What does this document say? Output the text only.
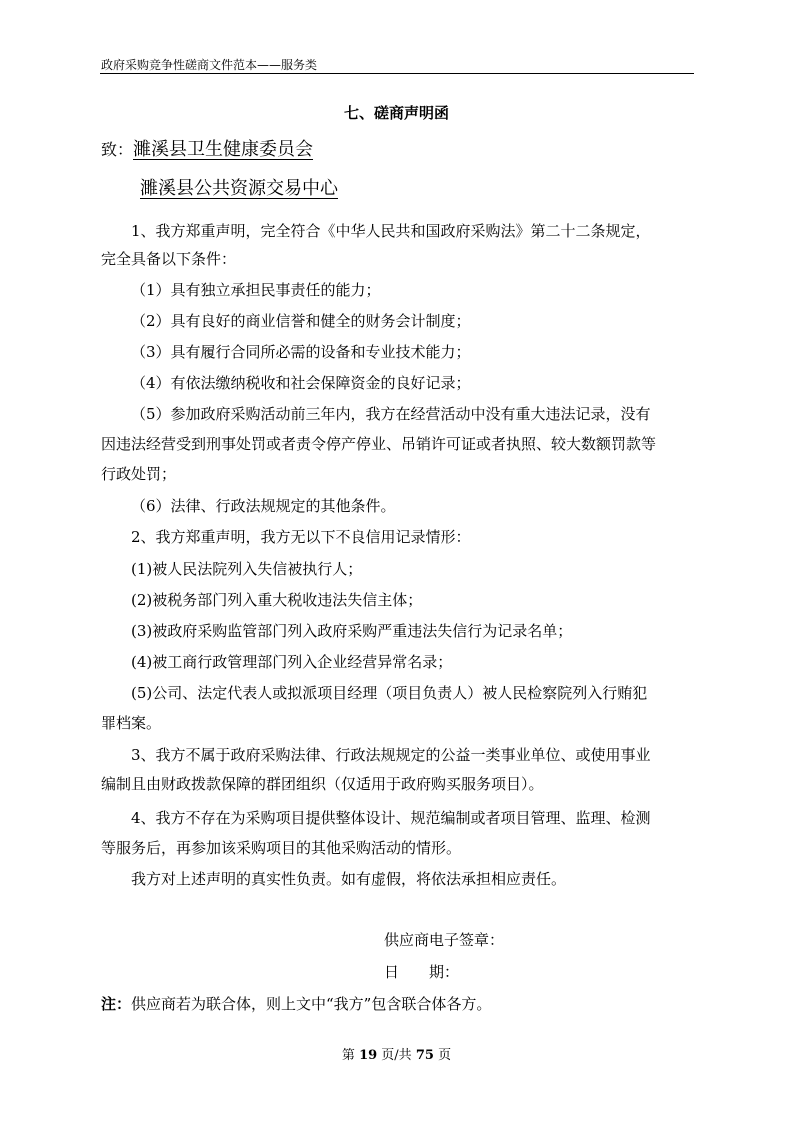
政府采购竞争性磋商文件范本——服务类
七、磋商声明函
致：濉溪县卫生健康委员会
濉溪县公共资源交易中心
1、我方郑重声明，完全符合《中华人民共和国政府采购法》第二十二条规定，
完全具备以下条件：
（1）具有独立承担民事责任的能力；
（2）具有良好的商业信誉和健全的财务会计制度；
（3）具有履行合同所必需的设备和专业技术能力；
（4）有依法缴纳税收和社会保障资金的良好记录；
（5）参加政府采购活动前三年内，我方在经营活动中没有重大违法记录，没有
因违法经营受到刑事处罚或者责令停产停业、吊销许可证或者执照、较大数额罚款等
行政处罚；
（6）法律、行政法规规定的其他条件。
2、我方郑重声明，我方无以下不良信用记录情形：
(1)被人民法院列入失信被执行人；
(2)被税务部门列入重大税收违法失信主体；
(3)被政府采购监管部门列入政府采购严重违法失信行为记录名单；
(4)被工商行政管理部门列入企业经营异常名录；
(5)公司、法定代表人或拟派项目经理（项目负责人）被人民检察院列入行贿犯
罪档案。
3、我方不属于政府采购法律、行政法规规定的公益一类事业单位、或使用事业
编制且由财政拨款保障的群团组织（仅适用于政府购买服务项目）。
4、我方不存在为采购项目提供整体设计、规范编制或者项目管理、监理、检测
等服务后，再参加该采购项目的其他采购活动的情形。
我方对上述声明的真实性负责。如有虚假，将依法承担相应责任。
供应商电子签章：
日　　期：
注：供应商若为联合体，则上文中“我方”包含联合体各方。
第 19 页/共 75 页
